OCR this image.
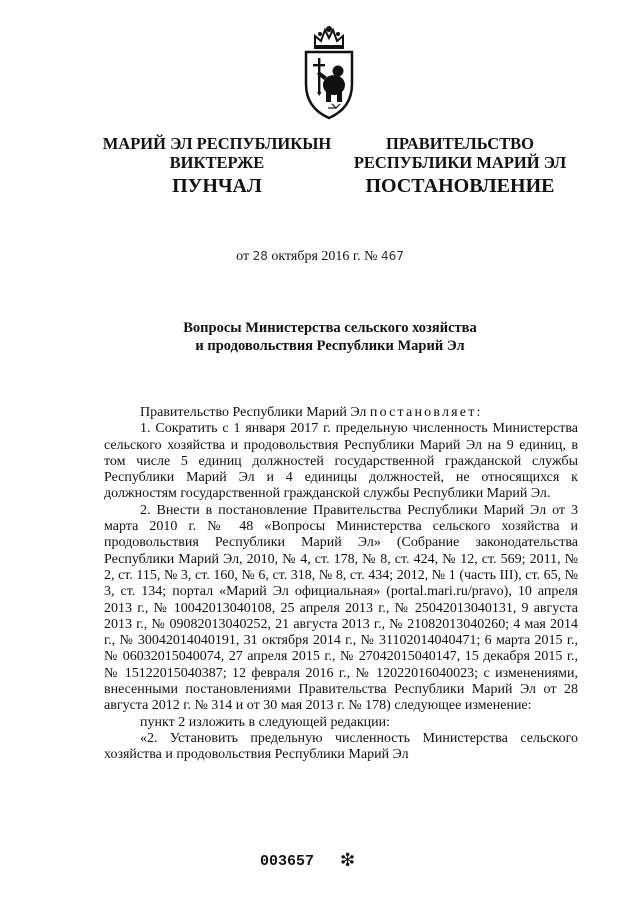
МАРИЙ ЭЛ РЕСПУБЛИКЫН
ВИКТЕРЖЕ
ПРАВИТЕЛЬСТВО
РЕСПУБЛИКИ МАРИЙ ЭЛ
ПУНЧАЛ	ПОСТАНОВЛЕНИЕ
от 28 октября 2016 г. № 467
Вопросы Министерства сельского хозяйства
и продовольствия Республики Марий Эл

Правительство Республики Марий Эл постановляет:

1. Сократить с 1 января 2017 г. предельную численность Министерства сельского хозяйства и продовольствия Республики Марий Эл на 9 единиц, в том числе 5 единиц должностей государственной гражданской службы Республики Марий Эл и 4 единицы должностей, не относящихся к должностям государственной гражданской службы Республики Марий Эл.

2. Внести в постановление Правительства Республики Марий Эл от 3 марта 2010 г. № 48 «Вопросы Министерства сельского хозяйства и продовольствия Республики Марий Эл» (Собрание законодательства Республики Марий Эл, 2010, № 4, ст. 178, № 8, ст. 424, № 12, ст. 569; 2011, № 2, ст. 115, № 3, ст. 160, № 6, ст. 318, № 8, ст. 434; 2012, № 1 (часть III), ст. 65, № 3, ст. 134; портал «Марий Эл официальная» (portal.mari.ru/pravo), 10 апреля 2013 г., № 10042013040108, 25 апреля 2013 г., № 25042013040131, 9 августа 2013 г., № 09082013040252, 21 августа 2013 г., № 21082013040260; 4 мая 2014 г., № 30042014040191, 31 октября 2014 г., № 31102014040471; 6 марта 2015 г., № 06032015040074, 27 апреля 2015 г., № 27042015040147, 15 декабря 2015 г., № 15122015040387; 12 февраля 2016 г., № 12022016040023; с изменениями, внесенными постановлениями Правительства Республики Марий Эл от 28 августа 2012 г. № 314 и от 30 мая 2013 г. № 178) следующее изменение:

пункт 2 изложить в следующей редакции:

«2. Установить предельную численность Министерства сельского хозяйства и продовольствия Республики Марий Эл

003657 ❇
